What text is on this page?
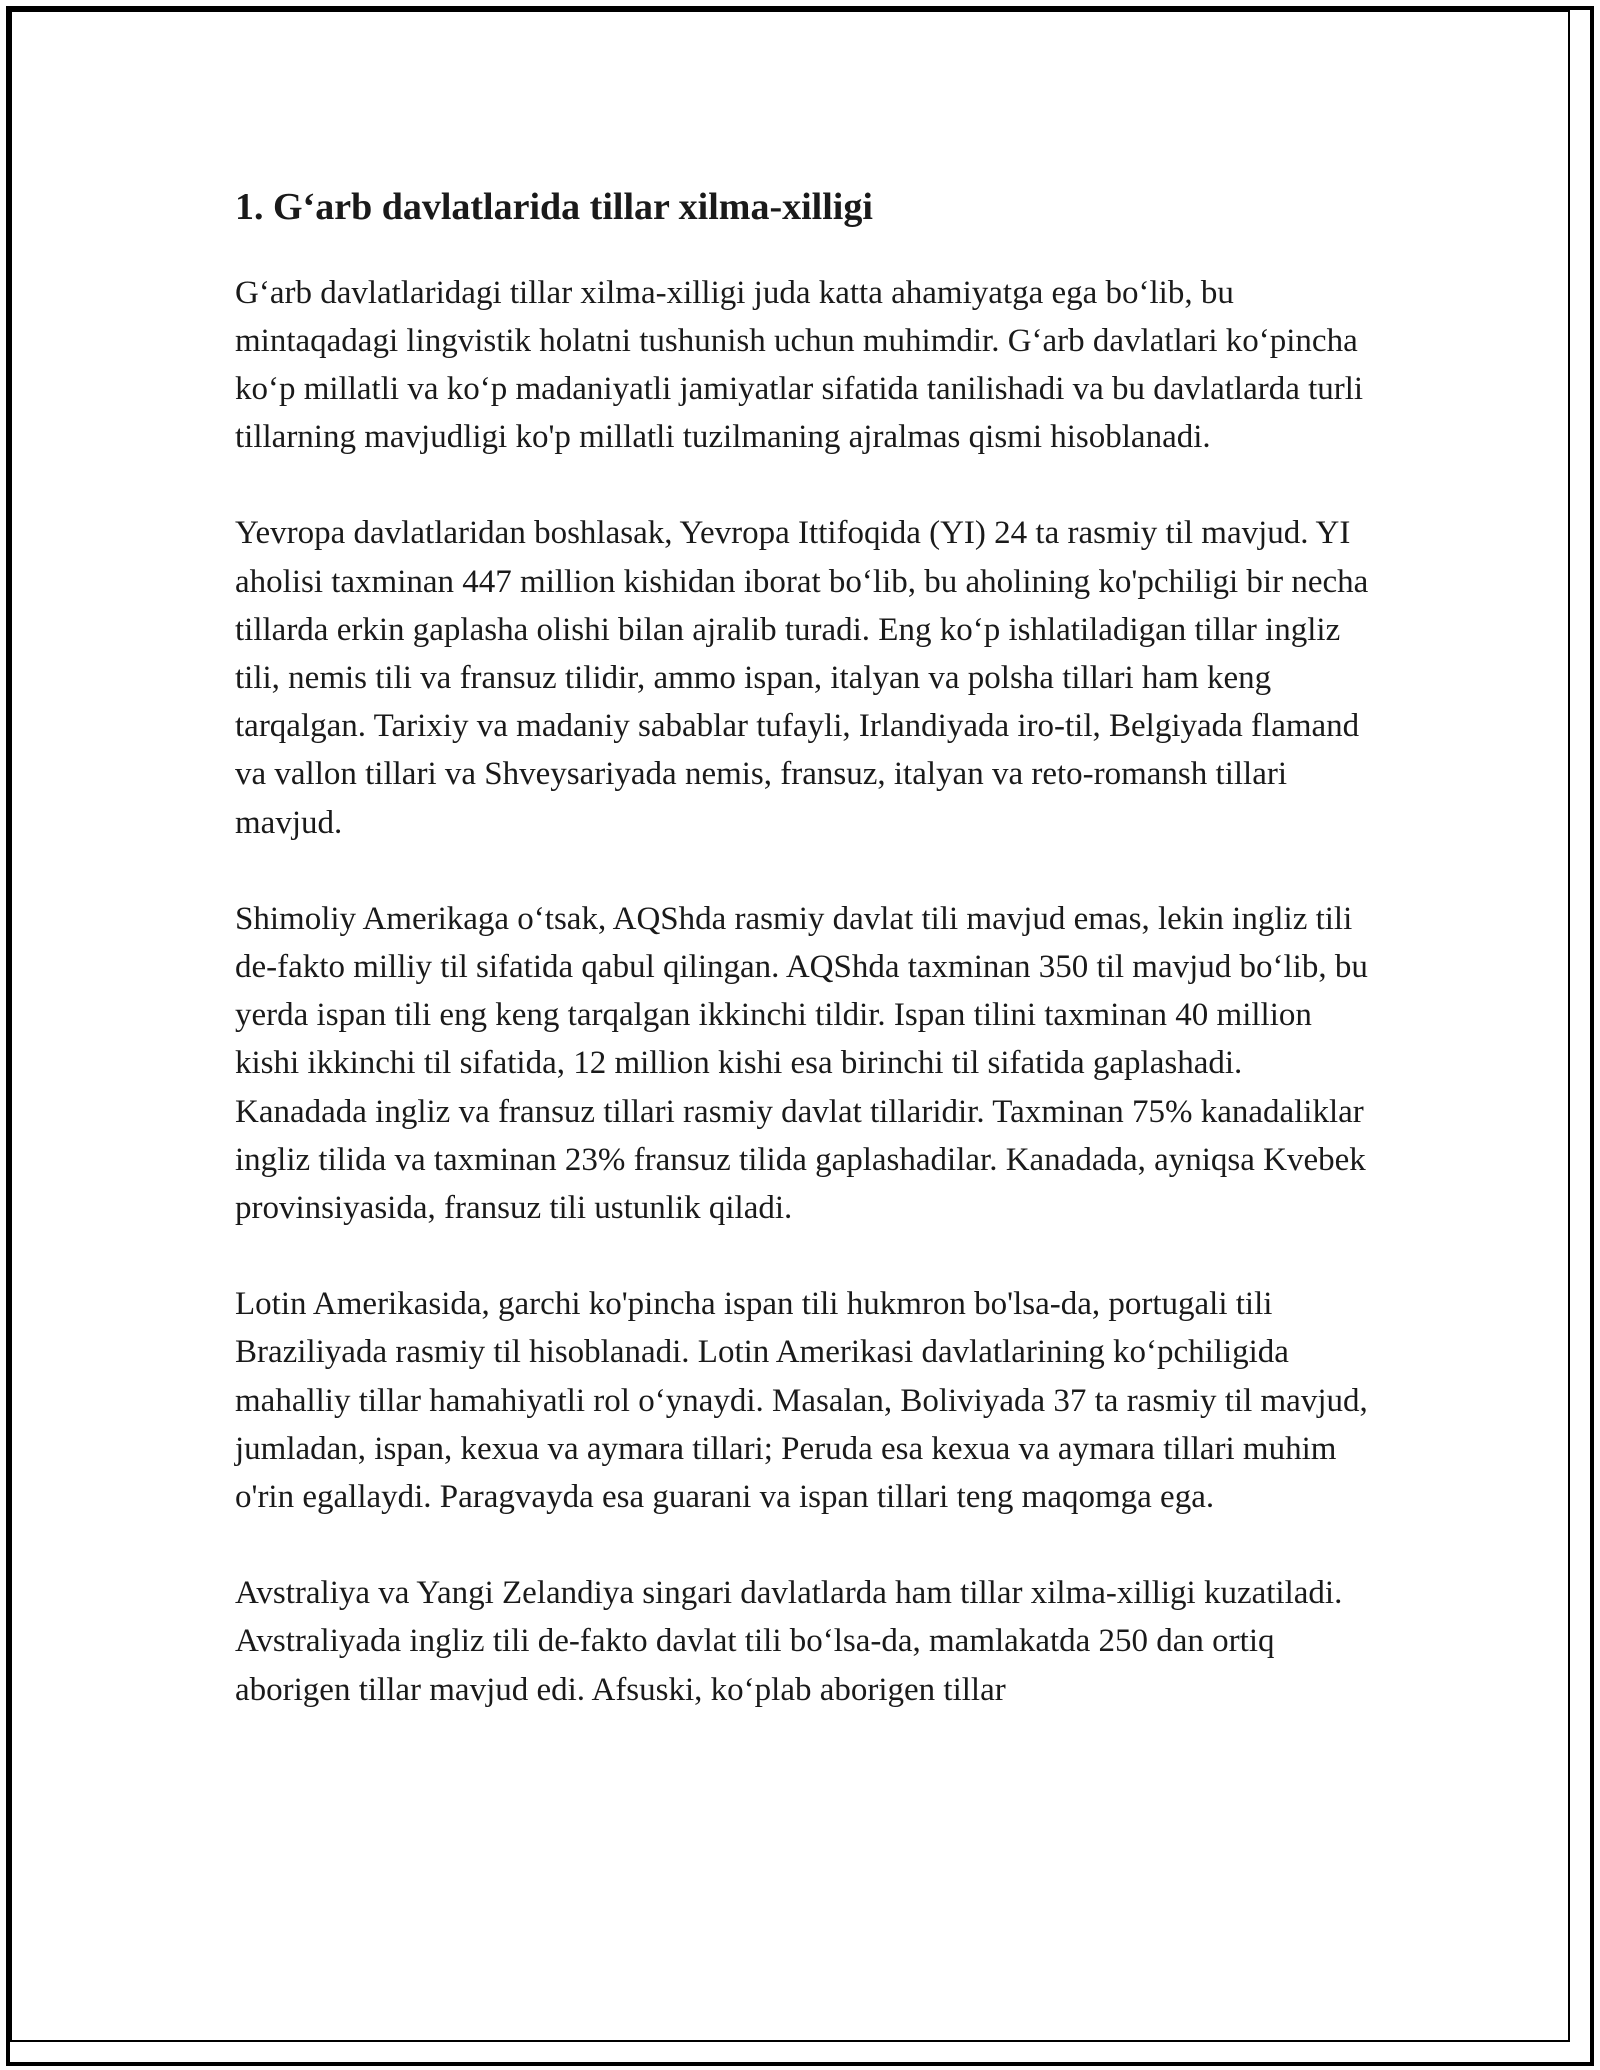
1. G‘arb davlatlarida tillar xilma-xilligi

G‘arb davlatlaridagi tillar xilma-xilligi juda katta ahamiyatga ega bo‘lib, bu mintaqadagi lingvistik holatni tushunish uchun muhimdir. G‘arb davlatlari ko‘pincha ko‘p millatli va ko‘p madaniyatli jamiyatlar sifatida tanilishadi va bu davlatlarda turli tillarning mavjudligi ko'p millatli tuzilmaning ajralmas qismi hisoblanadi.

Yevropa davlatlaridan boshlasak, Yevropa Ittifoqida (YI) 24 ta rasmiy til mavjud. YI aholisi taxminan 447 million kishidan iborat bo‘lib, bu aholining ko'pchiligi bir necha tillarda erkin gaplasha olishi bilan ajralib turadi. Eng ko‘p ishlatiladigan tillar ingliz tili, nemis tili va fransuz tilidir, ammo ispan, italyan va polsha tillari ham keng tarqalgan. Tarixiy va madaniy sabablar tufayli, Irlandiyada iro-til, Belgiyada flamand va vallon tillari va Shveysariyada nemis, fransuz, italyan va reto-romansh tillari mavjud.

Shimoliy Amerikaga o‘tsak, AQShda rasmiy davlat tili mavjud emas, lekin ingliz tili de-fakto milliy til sifatida qabul qilingan. AQShda taxminan 350 til mavjud bo‘lib, bu yerda ispan tili eng keng tarqalgan ikkinchi tildir. Ispan tilini taxminan 40 million kishi ikkinchi til sifatida, 12 million kishi esa birinchi til sifatida gaplashadi. Kanadada ingliz va fransuz tillari rasmiy davlat tillaridir. Taxminan 75% kanadaliklar ingliz tilida va taxminan 23% fransuz tilida gaplashadilar. Kanadada, ayniqsa Kvebek provinsiyasida, fransuz tili ustunlik qiladi.

Lotin Amerikasida, garchi ko'pincha ispan tili hukmron bo'lsa-da, portugali tili Braziliyada rasmiy til hisoblanadi. Lotin Amerikasi davlatlarining ko‘pchiligida mahalliy tillar hamahiyatli rol o‘ynaydi. Masalan, Boliviyada 37 ta rasmiy til mavjud, jumladan, ispan, kexua va aymara tillari; Peruda esa kexua va aymara tillari muhim o'rin egallaydi. Paragvayda esa guarani va ispan tillari teng maqomga ega.

Avstraliya va Yangi Zelandiya singari davlatlarda ham tillar xilma-xilligi kuzatiladi. Avstraliyada ingliz tili de-fakto davlat tili bo‘lsa-da, mamlakatda 250 dan ortiq aborigen tillar mavjud edi. Afsuski, ko‘plab aborigen tillar
